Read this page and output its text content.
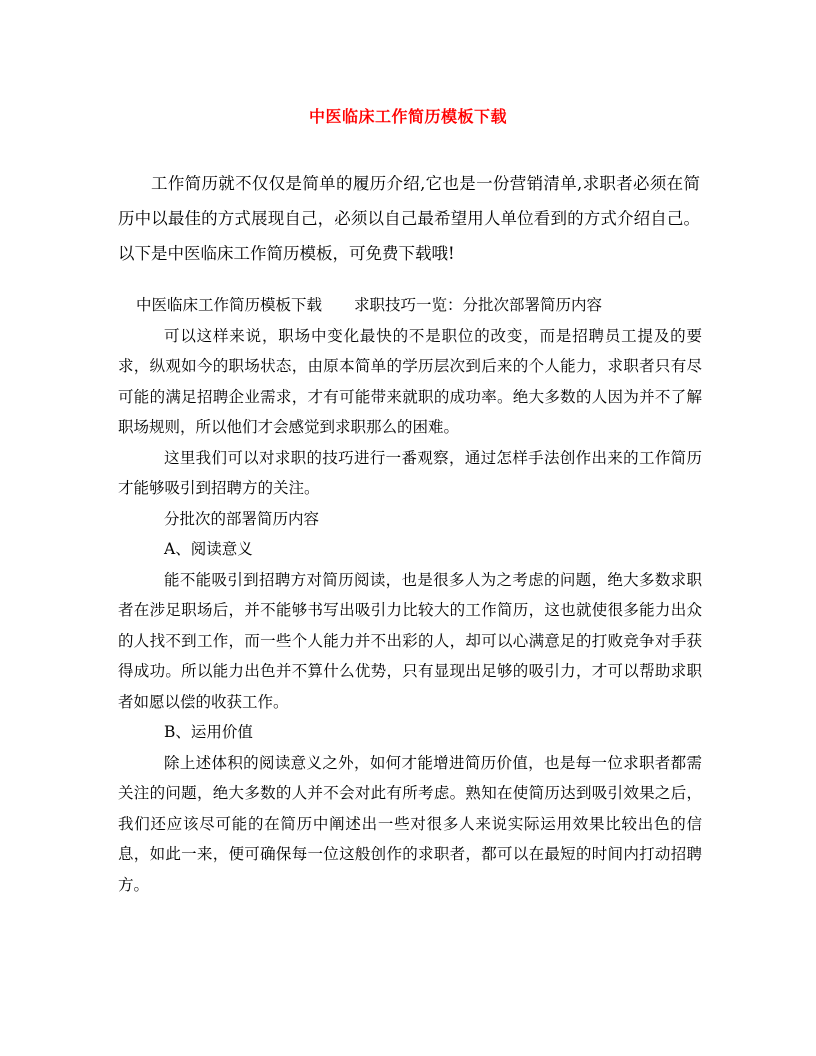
中医临床工作简历模板下载

工作简历就不仅仅是简单的履历介绍,它也是一份营销清单,求职者必须在简历中以最佳的方式展现自己，必须以自己最希望用人单位看到的方式介绍自己。以下是中医临床工作简历模板，可免费下载哦!

中医临床工作简历模板下载 求职技巧一览：分批次部署简历内容

可以这样来说，职场中变化最快的不是职位的改变，而是招聘员工提及的要求，纵观如今的职场状态，由原本简单的学历层次到后来的个人能力，求职者只有尽可能的满足招聘企业需求，才有可能带来就职的成功率。绝大多数的人因为并不了解职场规则，所以他们才会感觉到求职那么的困难。

这里我们可以对求职的技巧进行一番观察，通过怎样手法创作出来的工作简历才能够吸引到招聘方的关注。

分批次的部署简历内容

A、阅读意义

能不能吸引到招聘方对简历阅读，也是很多人为之考虑的问题，绝大多数求职者在涉足职场后，并不能够书写出吸引力比较大的工作简历，这也就使很多能力出众的人找不到工作，而一些个人能力并不出彩的人，却可以心满意足的打败竞争对手获得成功。所以能力出色并不算什么优势，只有显现出足够的吸引力，才可以帮助求职者如愿以偿的收获工作。

B、运用价值

除上述体积的阅读意义之外，如何才能增进简历价值，也是每一位求职者都需关注的问题，绝大多数的人并不会对此有所考虑。熟知在使简历达到吸引效果之后，我们还应该尽可能的在简历中阐述出一些对很多人来说实际运用效果比较出色的信息，如此一来，便可确保每一位这般创作的求职者，都可以在最短的时间内打动招聘方。
